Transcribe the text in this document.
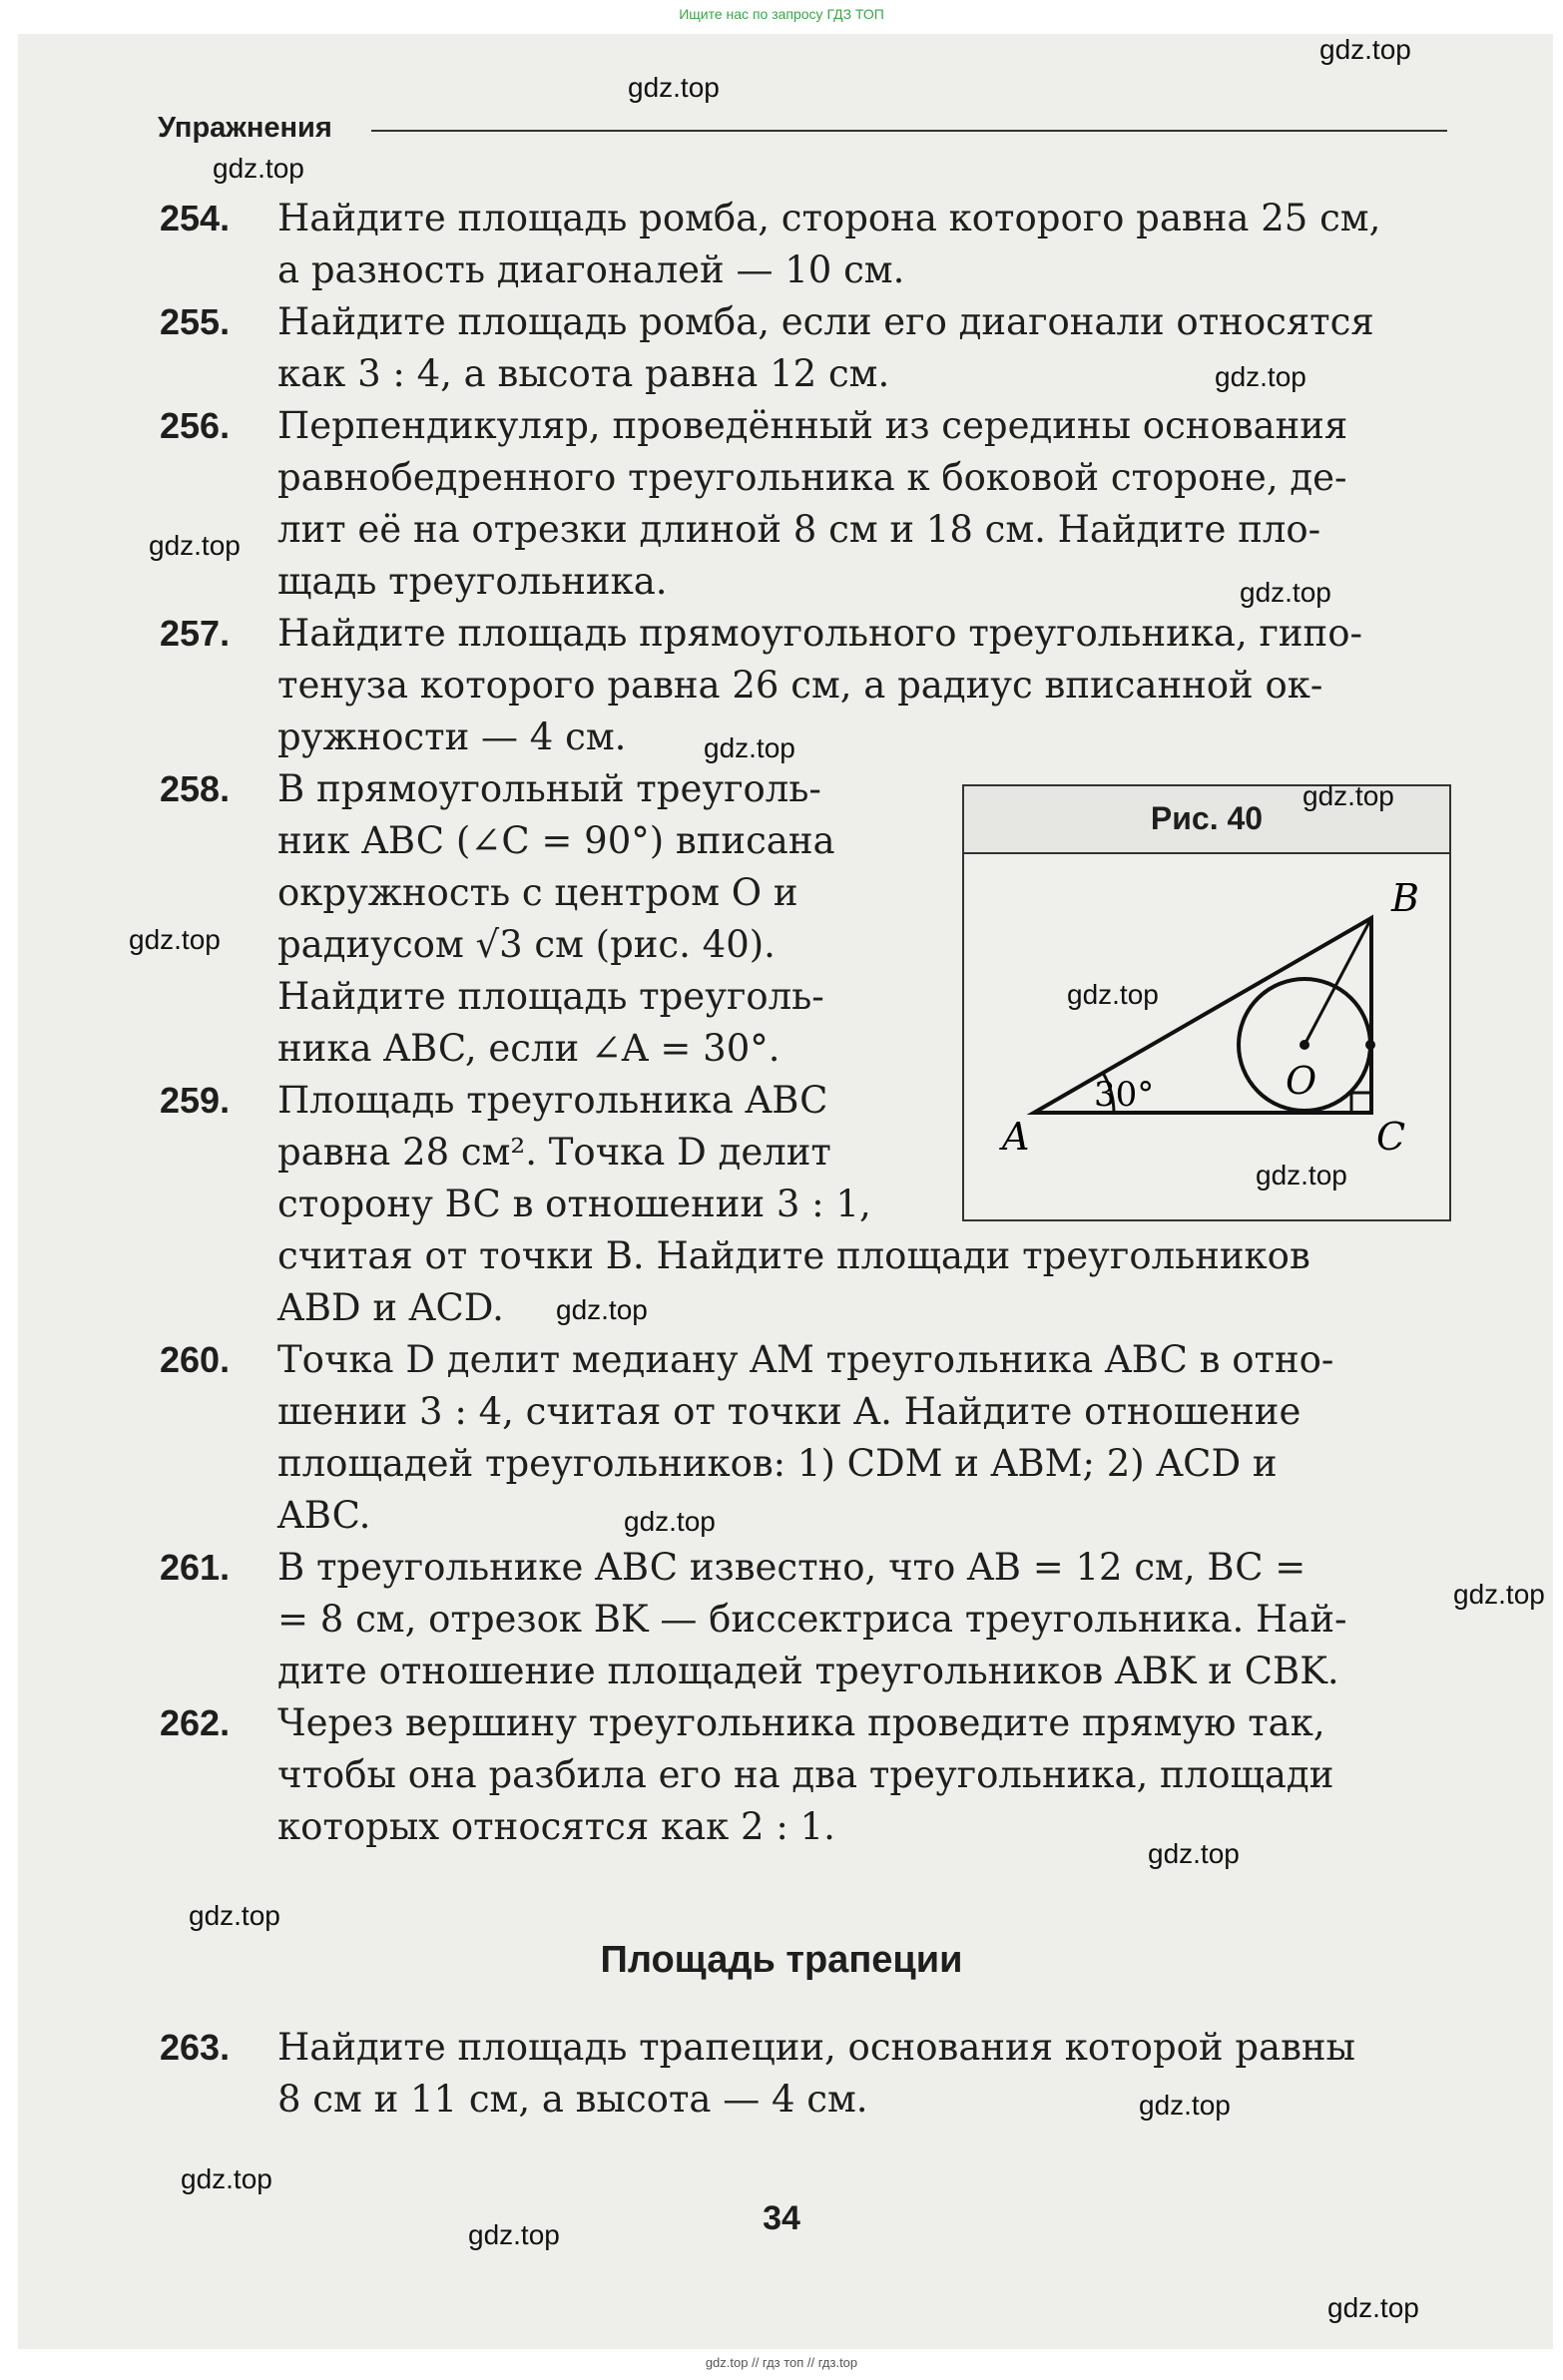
Ищите нас по запросу ГДЗ ТОП
Упражнения
254. Найдите площадь ромба, сторона которого равна 25 см,
а разность диагоналей — 10 см.
255. Найдите площадь ромба, если его диагонали относятся
как 3 : 4, а высота равна 12 см.
256. Перпендикуляр, проведённый из середины основания
равнобедренного треугольника к боковой стороне, де-
лит её на отрезки длиной 8 см и 18 см. Найдите пло-
щадь треугольника.
257. Найдите площадь прямоугольного треугольника, гипо-
тенуза которого равна 26 см, а радиус вписанной ок-
ружности — 4 см.
258. В прямоугольный треуголь-
ник ABC (∠C = 90°) вписана
окружность с центром O и
радиусом √3 см (рис. 40).
Найдите площадь треуголь-
ника ABC, если ∠A = 30°.
259. Площадь треугольника ABC
равна 28 см². Точка D делит
сторону BC в отношении 3 : 1,
считая от точки B. Найдите площади треугольников
ABD и ACD.
260. Точка D делит медиану AM треугольника ABC в отно-
шении 3 : 4, считая от точки A. Найдите отношение
площадей треугольников: 1) CDM и ABM; 2) ACD и
ABC.
261. В треугольнике ABC известно, что AB = 12 см, BC =
= 8 см, отрезок BK — биссектриса треугольника. Най-
дите отношение площадей треугольников ABK и CBK.
262. Через вершину треугольника проведите прямую так,
чтобы она разбила его на два треугольника, площади
которых относятся как 2 : 1.
Площадь трапеции
263. Найдите площадь трапеции, основания которой равны
8 см и 11 см, а высота — 4 см.
Рис. 40
A	C
B
O
30°
34
gdz.top
gdz.top
gdz.top
gdz.top
gdz.top
gdz.top
gdz.top
gdz.top
gdz.top
gdz.top
gdz.top
gdz.top
gdz.top
gdz.top
gdz.top
gdz.top
gdz.top
gdz.top
gdz.top
gdz.top
gdz.top // гдз топ // гдз.top
